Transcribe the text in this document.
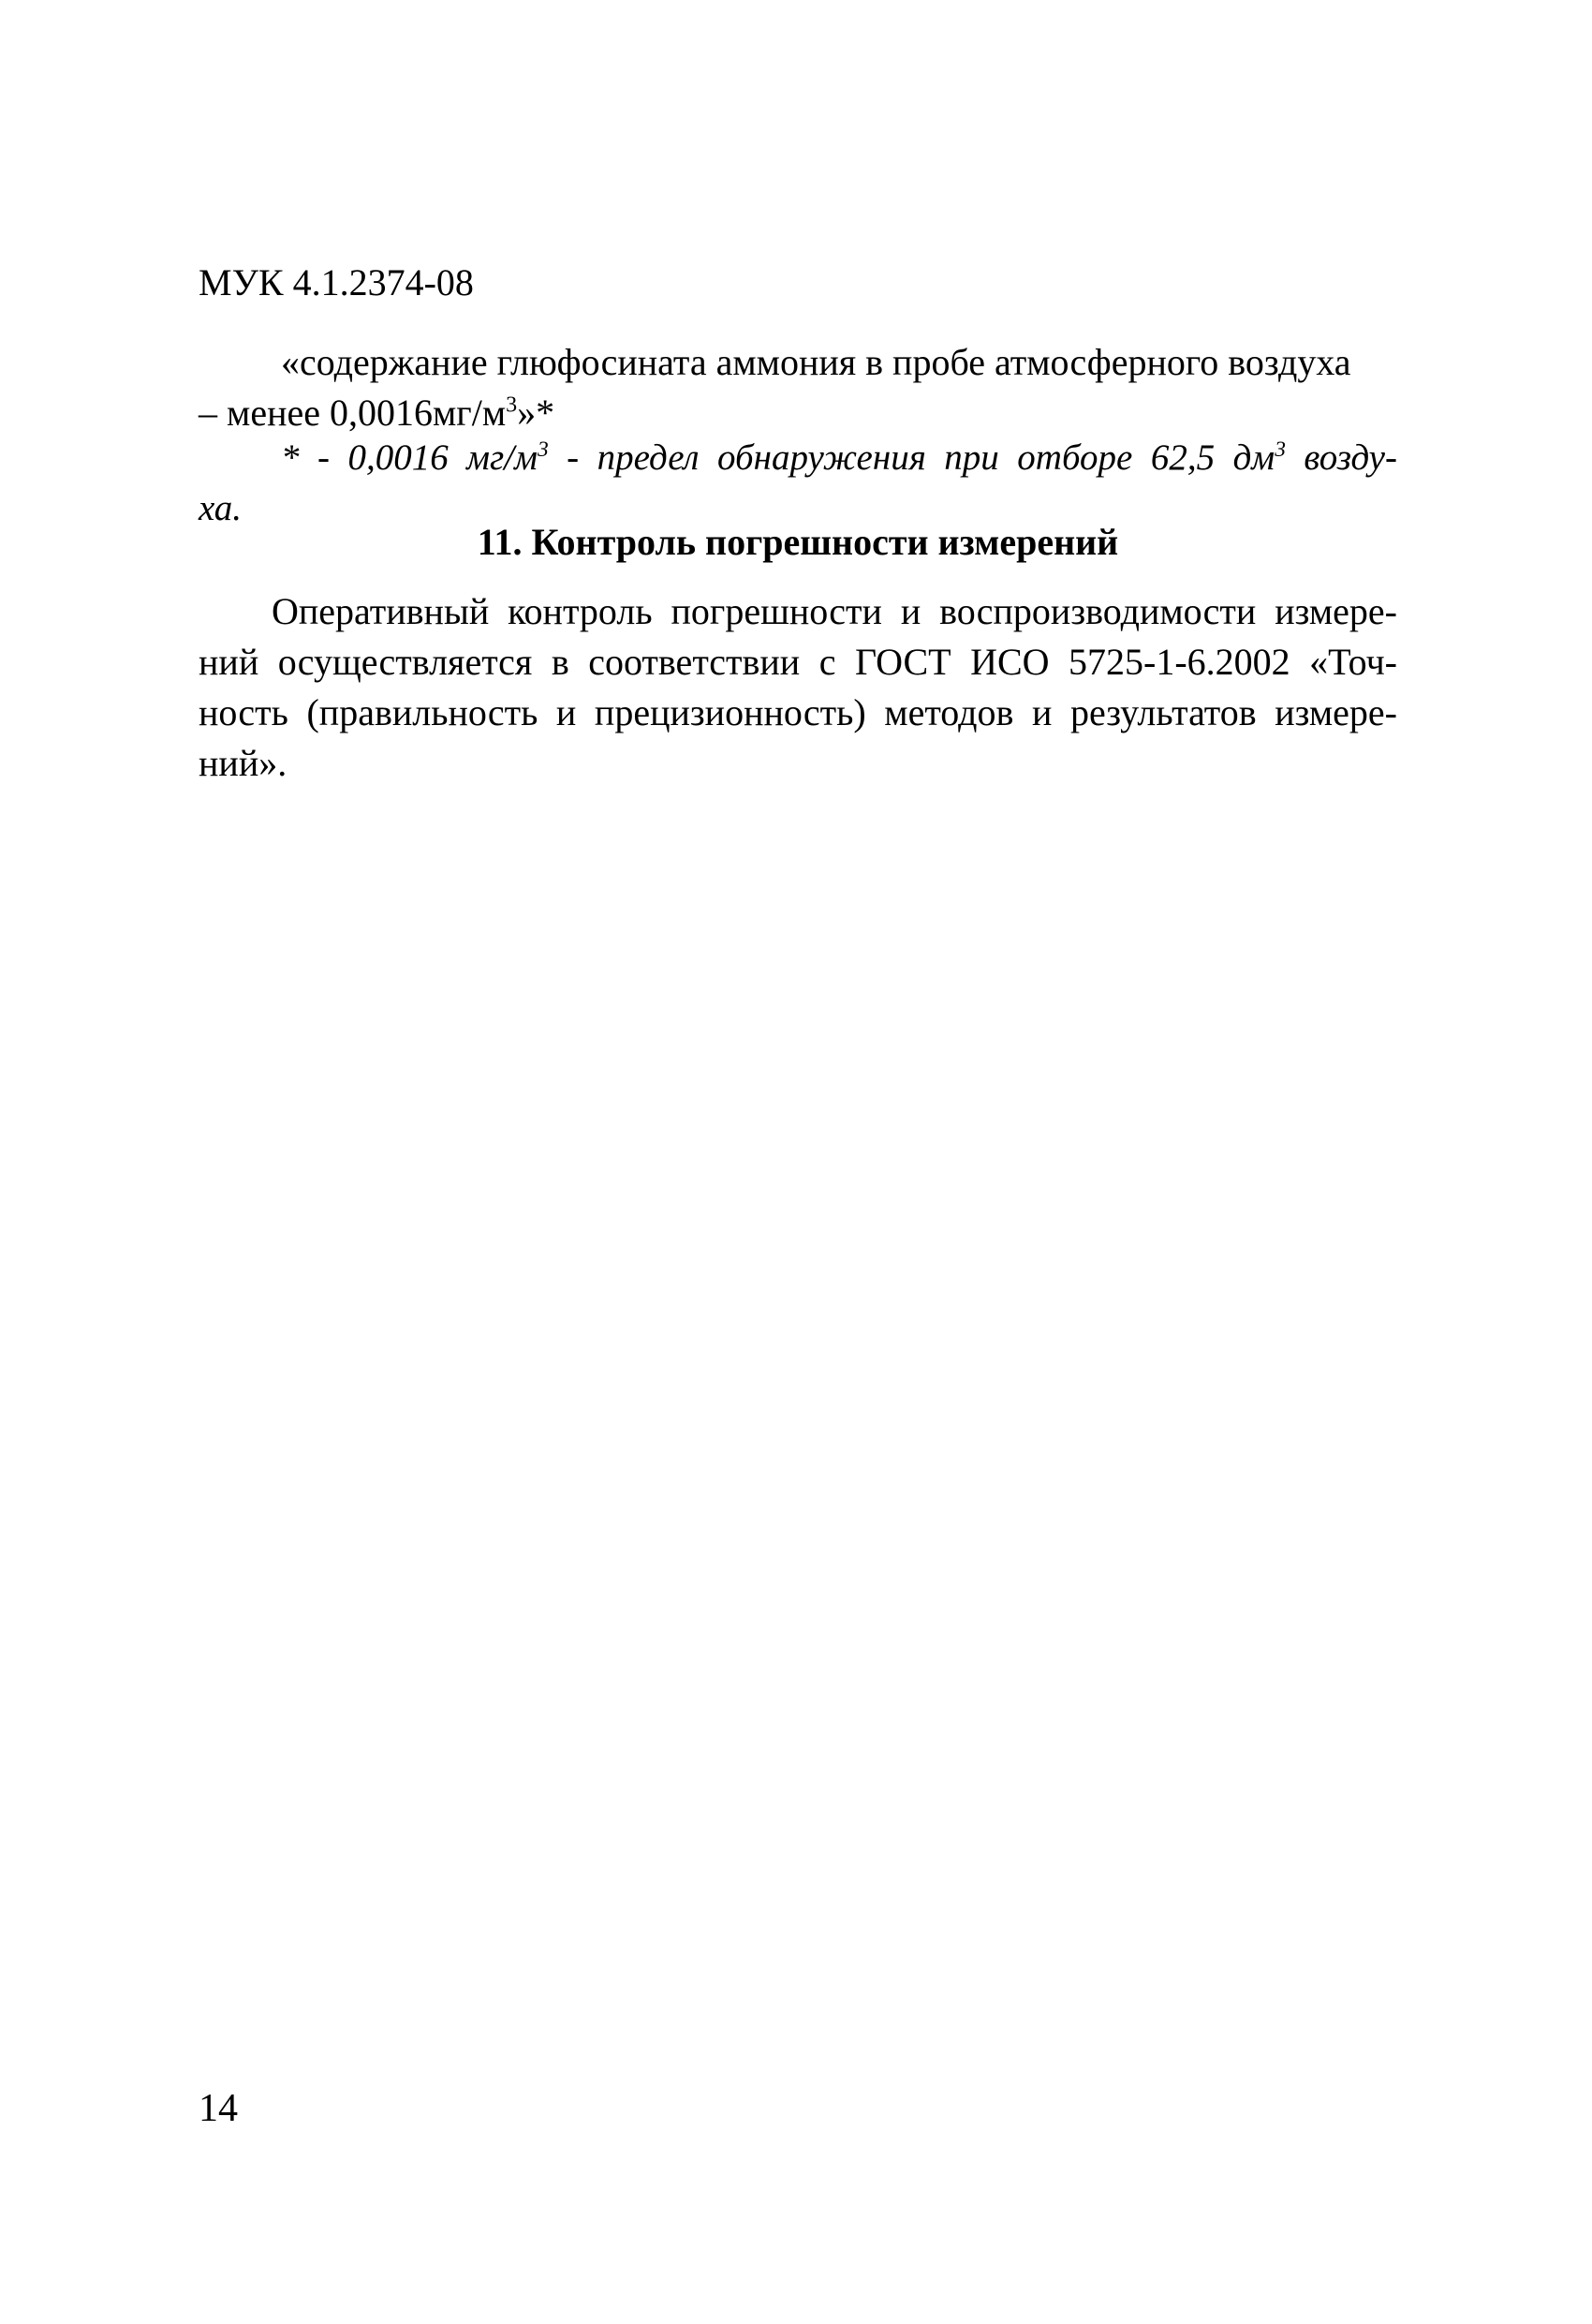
МУК 4.1.2374-08
«содержание глюфосината аммония в пробе атмосферного воздуха
– менее $0,0016мг/м^3»*$
* - 0,0016 $мг/м^3$ - предел обнаружения при отборе 62,5 $дм^3$ возду-
ха.
11. Контроль погрешности измерений
Оперативный контроль погрешности и воспроизводимости измере-
ний осуществляется в соответствии с ГОСТ ИСО 5725-1-6.2002 «Точ-
ность (правильность и прецизионность) методов и результатов измере-
ний».
14
